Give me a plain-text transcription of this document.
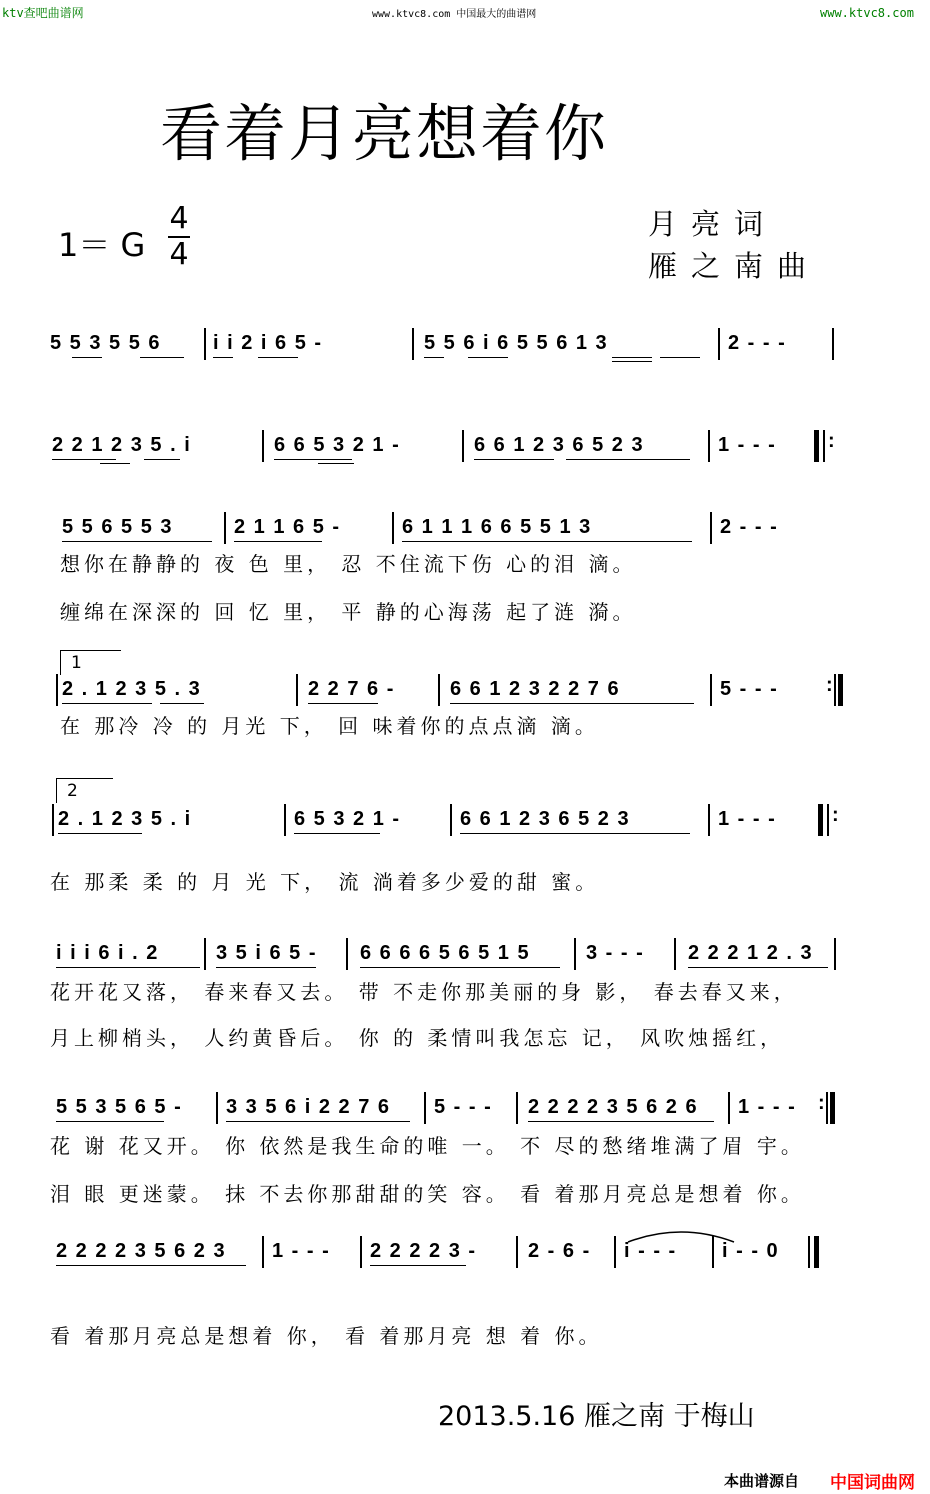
ktv查吧曲谱网	www.ktvc8.com 中国最大的曲谱网	www.ktvc8.com
看着月亮想着你
1＝ G
4
4
月亮词
雁之南曲
5 5 3 5 5 6	i i 2 i 6 5 -	5 5 6 i 6 5 5 6 1 3	2 - - -
2 2 1 2 3 5 . i	6 6 5 3 2 1 -	6 6 1 2 3 6 5 2 3	1 - - -	:
5 5 6 5 5 3	2 1 1 6 5 -	6 1 1 1 6 6 5 5 1 3	2 - - -
想你在静静的 夜 色 里， 忍 不住流下伤 心的泪 滴。
缠绵在深深的 回 忆 里， 平 静的心海荡 起了涟 漪。
1
2 . 1 2 3 5 . 3	2 2 7 6 -	6 6 1 2 3 2 2 7 6	5 - - - :
在 那冷 冷 的 月光 下， 回 味着你的点点滴 滴。
2
2 . 1 2 3 5 . i	6 5 3 2 1 -	6 6 1 2 3 6 5 2 3	1 - - -	:
在 那柔 柔 的 月 光 下， 流 淌着多少爱的甜 蜜。
i i i 6 i . 2	3 5 i 6 5 - 6 6 6 6 5 6 5 1 5	3 - - - 2 2 2 1 2 . 3
花开花又落， 春来春又去。 带 不走你那美丽的身 影， 春去春又来，
月上柳梢头， 人约黄昏后。 你 的 柔情叫我怎忘 记， 风吹烛摇红，
5 5 3 5 6 5 - 3 3 5 6 i 2 2 7 6 5 - - - 2 2 2 2 3 5 6 2 6 1 - - - :
花 谢 花又开。 你 依然是我生命的唯 一。 不 尽的愁绪堆满了眉 宇。
泪 眼 更迷蒙。 抹 不去你那甜甜的笑 容。 看 着那月亮总是想着 你。
2 2 2 2 3 5 6 2 3 1 - - - 2 2 2 2 3 -	2 - 6 - i - - - i - - 0
看 着那月亮总是想着 你， 看 着那月亮 想 着 你。
2013.5.16 雁之南 于梅山
本曲谱源自 中国词曲网
